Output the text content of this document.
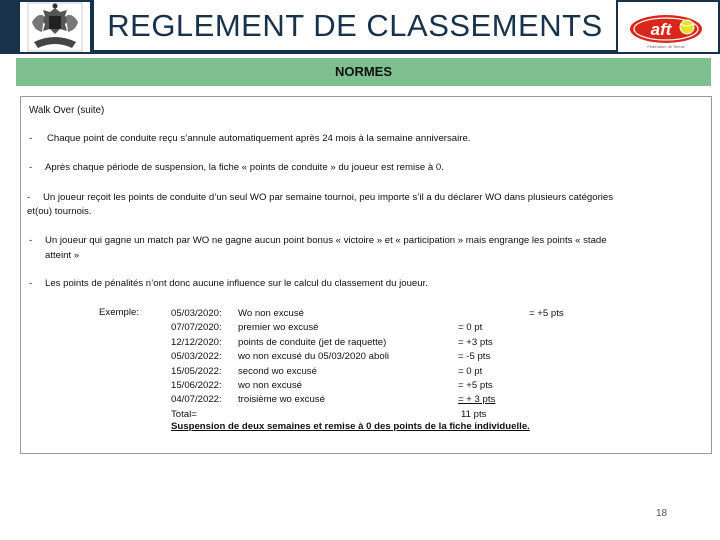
REGLEMENT DE CLASSEMENTS	aft
Fédération de Tennis
NORMES
Walk Over (suite)
- Chaque point de conduite reçu s’annule automatiquement après 24 mois à la semaine anniversaire.
- Après chaque période de suspension, la fiche « points de conduite » du joueur est remise à 0.
- Un joueur reçoit les points de conduite d’un seul WO par semaine tournoi, peu importe s’il a du déclarer WO dans plusieurs catégories
et(ou) tournois.
- Un joueur qui gagne un match par WO ne gagne aucun point bonus « victoire » et « participation » mais engrange les points « stade
atteint »
- Les points de pénalités n’ont donc aucune influence sur le calcul du classement du joueur.
Exemple:	05/03/2020:
07/07/2020:
12/12/2020:
05/03/2022:
15/05/2022:
15/06/2022:
04/07/2022:
Total=
Wo non excusé
premier wo excusé
points de conduite (jet de raquette)
wo non excusé du 05/03/2020 aboli
second wo excusé
wo non excusé
troisième wo excusé
= +5 pts
= 0 pt
= +3 pts
= -5 pts
= 0 pt
= +5 pts
= + 3 pts
11 pts
Suspension de deux semaines et remise à 0 des points de la fiche individuelle.
18
